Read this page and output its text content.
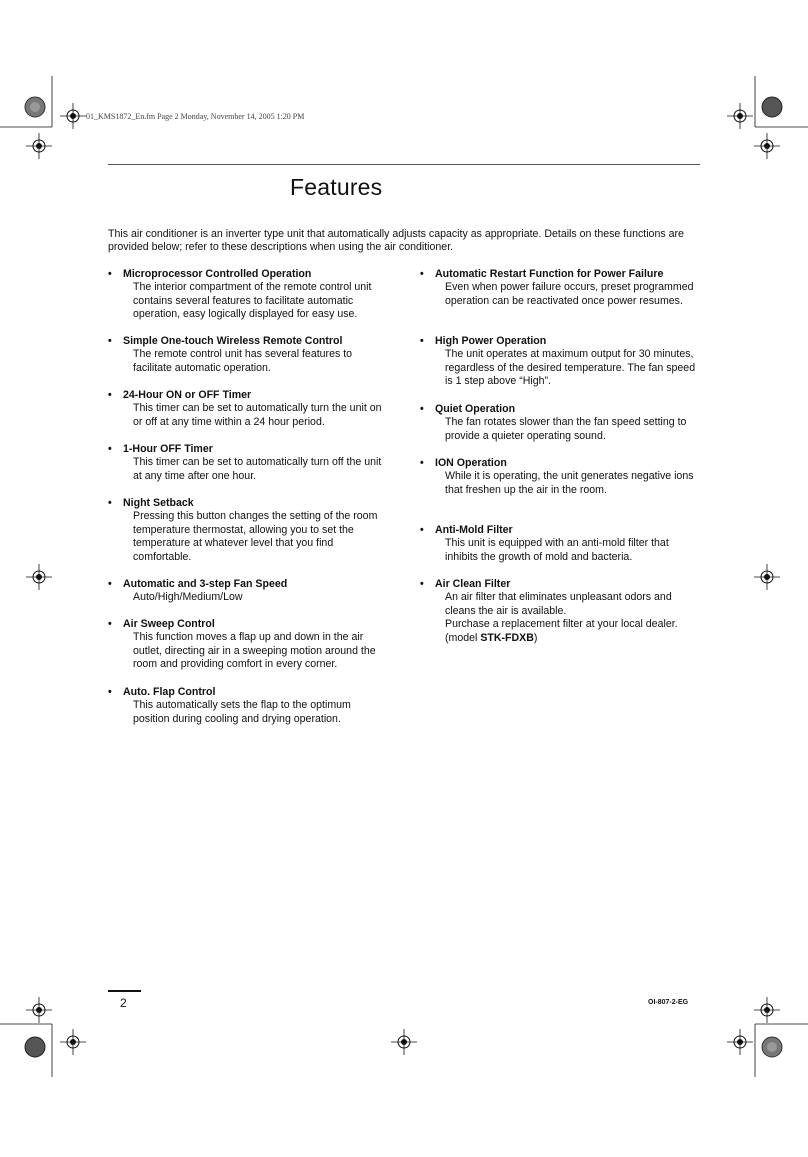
01_KMS1872_En.fm Page 2 Monday, November 14, 2005 1:20 PM
Features

This air conditioner is an inverter type unit that automatically adjusts capacity as appropriate. Details on these functions are provided below; refer to these descriptions when using the air conditioner.

• Microprocessor Controlled Operation
The interior compartment of the remote control unit contains several features to facilitate automatic operation, easy logically displayed for easy use.
• Simple One-touch Wireless Remote Control
The remote control unit has several features to facilitate automatic operation.
• 24-Hour ON or OFF Timer
This timer can be set to automatically turn the unit on or off at any time within a 24 hour period.
• 1-Hour OFF Timer
This timer can be set to automatically turn off the unit at any time after one hour.
• Night Setback
Pressing this button changes the setting of the room temperature thermostat, allowing you to set the temperature at whatever level that you find comfortable.
• Automatic and 3-step Fan Speed
Auto/High/Medium/Low
• Air Sweep Control
This function moves a flap up and down in the air outlet, directing air in a sweeping motion around the room and providing comfort in every corner.
• Auto. Flap Control
This automatically sets the flap to the optimum position during cooling and drying operation.
• Automatic Restart Function for Power Failure
Even when power failure occurs, preset programmed operation can be reactivated once power resumes.
• High Power Operation
The unit operates at maximum output for 30 minutes, regardless of the desired temperature. The fan speed is 1 step above “High”.
• Quiet Operation
The fan rotates slower than the fan speed setting to provide a quieter operating sound.
• ION Operation
While it is operating, the unit generates negative ions that freshen up the air in the room.
• Anti-Mold Filter
This unit is equipped with an anti-mold filter that inhibits the growth of mold and bacteria.
• Air Clean Filter
An air filter that eliminates unpleasant odors and cleans the air is available.
Purchase a replacement filter at your local dealer.
(model STK-FDXB)
2	OI-807-2-EG
